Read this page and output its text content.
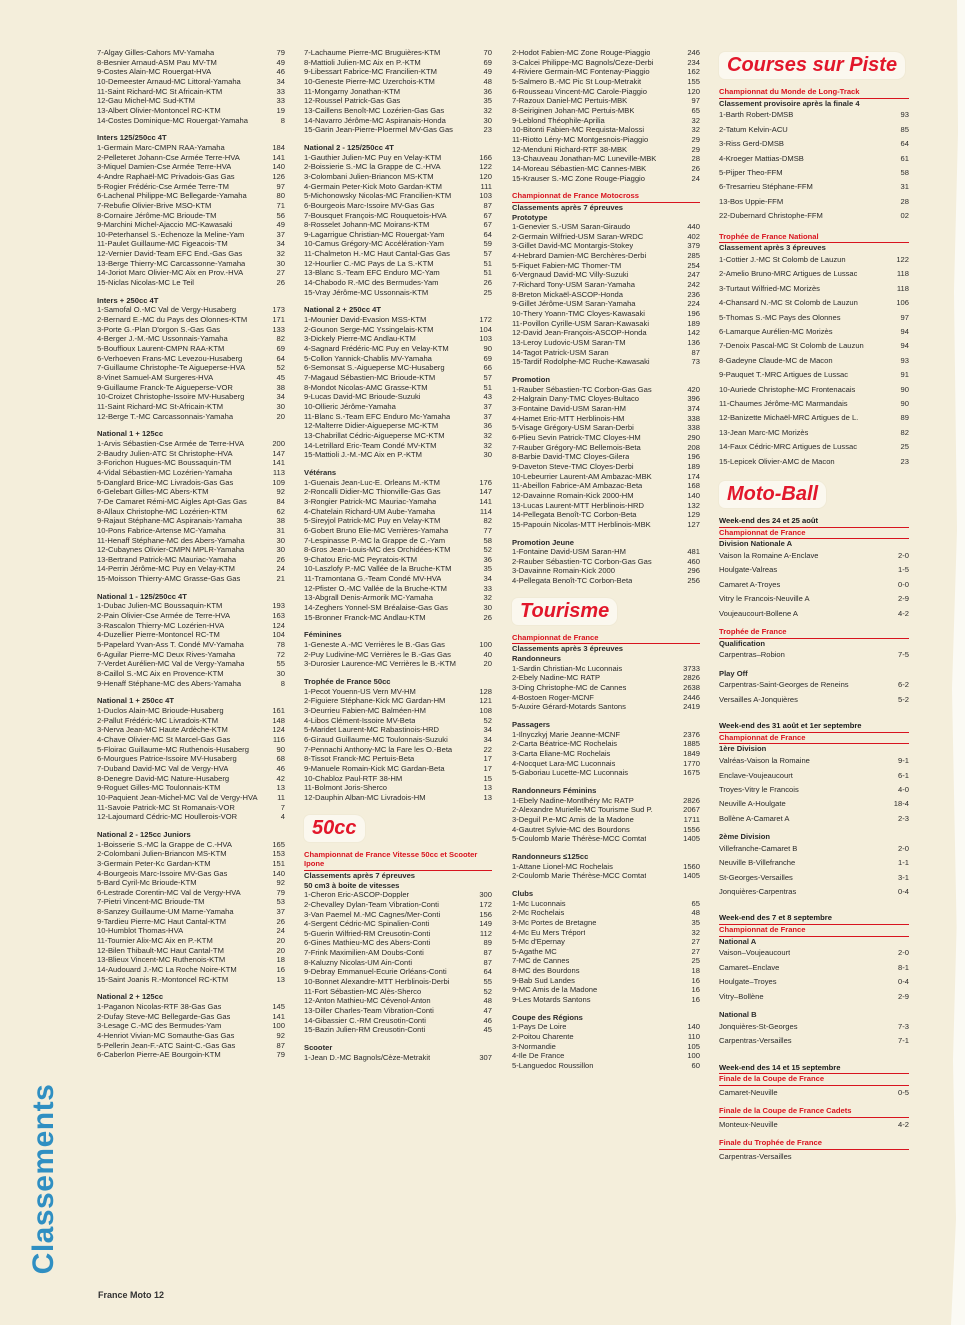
Classements
7-Algay Gilles-Cahors MV-Yamaha	79
8-Besnier Arnaud-ASM Pau MV-TM	49
9-Costes Alain-MC Rouergat-HVA	46
10-Demeester Arnaud-MC Littoral-Yamaha	34
11-Saint Richard-MC St Africain-KTM	33
12-Gau Michel-MC Sud-KTM	33
13-Albert Olivier-Montoncel RC-KTM	19
14-Costes Dominique-MC Rouergat-Yamaha	8
Inters 125/250cc 4T
1-Germain Marc-CMPN RAA-Yamaha	184
2-Pelleteret Johann-Cse Armée Terre-HVA	141
3-Miquel Damien-Cse Armée Terre-HVA	140
4-Andre Raphaël-MC Privadois-Gas Gas	126
5-Rogier Frédéric-Cse Armée Terre-TM	97
6-Lachenal Philippe-MC Bellegarde-Yamaha	80
7-Rebufie Olivier-Brive MSO-KTM	71
8-Cornaire Jérôme-MC Brioude-TM	56
9-Marchini Michel-Ajaccio MC-Kawasaki	49
10-Peterhansel S.-Echenoze la Meline-Yam	37
11-Paulet Guillaume-MC Figeacois-TM	34
12-Vernier David-Team EFC End.-Gas Gas	32
13-Berge Thierry-MC Carcassonne-Yamaha	30
14-Joriot Marc Olivier-MC Aix en Prov.-HVA	27
15-Niclas Nicolas-MC Le Teil	26
Inters + 250cc 4T
1-Samofal O.-MC Val de Vergy-Husaberg	173
2-Bernard E.-MC du Pays des Olonnes-KTM	171
3-Porte G.-Plan D'orgon S.-Gas Gas	133
4-Berger J.-M.-MC Ussonnais-Yamaha	82
5-Bouffioux Laurent-CMPN RAA-KTM	69
6-Verhoeven Frans-MC Levezou-Husaberg	64
7-Guillaume Christophe-Te Aigueperse-HVA	52
8-Vinet Samuel-AM Surgeres-HVA	45
9-Guillaume Franck-Te Aigueperse-VOR	38
10-Croizet Christophe-Issoire MV-Husaberg	34
11-Saint Richard-MC St-Africain-KTM	30
12-Berge T.-MC Carcassonnais-Yamaha	20
National 1 + 125cc
1-Arvis Sébastien-Cse Armée de Terre-HVA	200
2-Baudry Julien-ATC St Christophe-HVA	147
3-Forichon Hugues-MC Boussaquin-TM	141
4-Vidal Sébastien-MC Lozérien-Yamaha	113
5-Danglard Brice-MC Livradois-Gas Gas	109
6-Gelebart Gilles-MC Abers-KTM	92
7-De Camaret Rémi-MC Aigles Apt-Gas Gas	84
8-Allaux Christophe-MC Lozérien-KTM	62
9-Rajaut Stéphane-MC Aspiranais-Yamaha	38
10-Pons Fabrice-Artense MC-Yamaha	31
11-Henaff Stéphane-MC des Abers-Yamaha	30
12-Cubaynes Olivier-CMPN MPLR-Yamaha	30
13-Bertrand Patrick-MC Mauriac-Yamaha	26
14-Perrin Jérôme-MC Puy en Velay-KTM	24
15-Moisson Thierry-AMC Grasse-Gas Gas	21
National 1 - 125/250cc 4T
1-Dubac Julien-MC Boussaquin-KTM	193
2-Pain Olivier-Cse Armée de Terre-HVA	163
3-Rascalon Thierry-MC Lozérien-HVA	124
4-Duzellier Pierre-Montoncel RC-TM	104
5-Papelard Yvan-Ass T. Condé MV-Yamaha	78
6-Aguilar Pierre-MC Deux Rives-Yamaha	72
7-Verdet Aurélien-MC Val de Vergy-Yamaha	55
8-Caillol S.-MC Aix en Provence-KTM	30
9-Henaff Stéphane-MC des Abers-Yamaha	8
National 1 + 250cc 4T
1-Duclos Alain-MC Brioude-Husaberg	161
2-Pallut Frédéric-MC Livradois-KTM	148
3-Nerva Jean-MC Haute Ardèche-KTM	124
4-Chave Olivier-MC St Marcel-Gas Gas	116
5-Floirac Guillaume-MC Ruthenois-Husaberg	90
6-Mourgues Patrice-Issoire MV-Husaberg	68
7-Duband David-MC Val de Vergy-HVA	46
8-Denegre David-MC Nature-Husaberg	42
9-Roguet Gilles-MC Toulonnais-KTM	13
10-Paquient Jean-Michel-MC Val de Vergy-HVA	11
11-Savoie Patrick-MC St Romanais-VOR	7
12-Lajoumard Cédric-MC Houllerois-VOR	4
National 2 - 125cc Juniors
1-Boisserie S.-MC la Grappe de C.-HVA	165
2-Colombani Julien-Briancon MS-KTM	153
3-Germain Peter-Kc Gardan-KTM	151
4-Bourgeois Marc-Issoire MV-Gas Gas	140
5-Bard Cyril-Mc Brioude-KTM	92
6-Lestrade Corentin-MC Val de Vergy-HVA	79
7-Pietri Vincent-MC Brioude-TM	53
8-Sanzey Guillaume-UM Marne-Yamaha	37
9-Tardieu Pierre-MC Haut Cantal-KTM	26
10-Humblot Thomas-HVA	24
11-Tournier Alix-MC Aix en P.-KTM	20
12-Bilen Thibault-MC Haut Cantal-TM	20
13-Blieux Vincent-MC Ruthenois-KTM	18
14-Audouard J.-MC La Roche Noire-KTM	16
15-Saint Joanis R.-Montoncel RC-KTM	13
National 2 + 125cc
1-Paganon Nicolas-RTF 38-Gas Gas	145
2-Dufay Steve-MC Bellegarde-Gas Gas	141
3-Lesage C.-MC des Bermudes-Yam	100
4-Henriot Vivian-MC Somauthe-Gas Gas	92
5-Pellerin Jean-F.-ATC Saint-C.-Gas Gas	87
6-Caberlon Pierre-AE Bourgoin-KTM	79
7-Lachaume Pierre-MC Bruguières-KTM	70
8-Mattioli Julien-MC Aix en P.-KTM	69
9-Libessart Fabrice-MC Francilien-KTM	49
10-Geneste Pierre-MC Uzerchois-KTM	48
11-Mongarny Jonathan-KTM	36
12-Roussel Patrick-Gas Gas	35
13-Caillens Benoît-MC Lozérien-Gas Gas	32
14-Navarro Jérôme-MC Aspiranais-Honda	30
15-Garin Jean-Pierre-Ploermel MV-Gas Gas	23
National 2 - 125/250cc 4T
1-Gauthier Julien-MC Puy en Velay-KTM	166
2-Boissierie S.-MC la Grappe de C.-HVA	122
3-Colombani Julien-Briancon MS-KTM	120
4-Germain Peter-Kick Moto Gardan-KTM	111
5-Michonowsky Nicolas-MC Francilien-KTM	103
6-Bourgeois Marc-Issoire MV-Gas Gas	87
7-Bousquet François-MC Rouquetois-HVA	67
8-Rosselet Johann-MC Moirans-KTM	67
9-Lagarrigue Christian-MC Rouergat-Yam	64
10-Camus Grégory-MC Accélération-Yam	59
11-Chalmeton H.-MC Haut Cantal-Gas Gas	57
12-Hourlier C.-MC Pays de La S.-KTM	51
13-Blanc S.-Team EFC Enduro MC-Yam	51
14-Chabodo R.-MC des Bermudes-Yam	26
15-Vray Jérôme-MC Ussonnais-KTM	25
National 2 + 250cc 4T
1-Mounier David-Evasion MSS-KTM	172
2-Gounon Serge-MC Yssingelais-KTM	104
3-Dickely Pierre-MC Andlau-KTM	103
4-Sagnard Frédéric-MC Puy en Velay-KTM	90
5-Collon Yannick-Chablis MV-Yamaha	69
6-Semonsat S.-Aigueperse MC-Husaberg	66
7-Magaud Sébastien-MC Brioude-KTM	57
8-Mondot Nicolas-AMC Grasse-KTM	51
9-Lucas David-MC Brioude-Suzuki	43
10-Ollieric Jérôme-Yamaha	37
11-Blanc S.-Team EFC Enduro Mc-Yamaha	37
12-Malterre Didier-Aigueperse MC-KTM	36
13-Chabrillat Cédric-Aigueperse MC-KTM	32
14-Letrillard Eric-Team Condé MV-KTM	32
15-Mattioli J.-M.-MC Aix en P.-KTM	30
Vétérans
1-Guenais Jean-Luc-E. Orleans M.-KTM	176
2-Roncalli Didier-MC Thionville-Gas Gas	147
3-Rongier Patrick-MC Mauriac-Yamaha	141
4-Chatelain Richard-UM Aube-Yamaha	114
5-Sireyjol Patrick-MC Puy en Velay-KTM	82
6-Gobert Bruno Elie-MC Verrières-Yamaha	77
7-Lespinasse P.-MC la Grappe de C.-Yam	58
8-Gros Jean-Louis-MC des Orchidées-KTM	52
9-Chatou Eric-MC Peyratois-KTM	36
10-Laszlofy P.-MC Vallée de la Bruche-KTM	35
11-Tramontana G.-Team Condé MV-HVA	34
12-Pfister O.-MC Vallée de la Bruche-KTM	33
13-Abgrall Denis-Armorik MC-Yamaha	32
14-Zeghers Yonnel-SM Bréalaise-Gas Gas	30
15-Bronner Franck-MC Andlau-KTM	26
Féminines
1-Geneste A.-MC Verrières le B.-Gas Gas	100
2-Puy Ludivine-MC Verrières le B.-Gas Gas	40
3-Durosier Laurence-MC Verrières le B.-KTM	20
Trophée de France 50cc
1-Pecot Youenn-US Vern MV-HM	128
2-Figuiere Stéphane-Kick MC Gardan-HM	121
3-Deurrieu Fabien-MC Balméen-HM	108
4-Libos Clément-Issoire MV-Beta	52
5-Maridet Laurent-MC Rabastinois-HRD	34
6-Giraud Guillaume-MC Toulonnais-Suzuki	34
7-Pennachi Anthony-MC la Fare les O.-Beta	22
8-Tissot Franck-MC Pertuis-Beta	17
9-Manuele Romain-Kick MC Gardan-Beta	17
10-Chabloz Paul-RTF 38-HM	15
11-Bolmont Joris-Sherco	13
12-Dauphin Alban-MC Livradois-HM	13
50cc
Championnat de France Vitesse 50cc et Scooter Ipone
Classements après 7 épreuves
50 cm3 à boite de vitesses
1-Cheron Eric-ASCOP-Doppler	300
2-Chevalley Dylan-Team Vibration-Conti	172
3-Van Paemel M.-MC Cagnes/Mer-Conti	156
4-Sergent Cédric-MC Spinalien-Conti	149
5-Guerin Wilfried-RM Creusotin-Conti	112
6-Gines Mathieu-MC des Abers-Conti	89
7-Frink Maximilien-AM Doubs-Conti	87
8-Kaluzny Nicolas-UM Ain-Conti	87
9-Debray Emmanuel-Ecurie Orléans-Conti	64
10-Bonnet Alexandre-MTT Herblinois-Derbi	55
11-Fort Sébastien-MC Alès-Sherco	52
12-Anton Mathieu-MC Cévenol-Anton	48
13-Diller Charles-Team Vibration-Conti	47
14-Gibassier C.-RM Creusotin-Conti	46
15-Bazin Julien-RM Creusotin-Conti	45
Scooter
1-Jean D.-MC Bagnols/Cèze-Metrakit	307
2-Hodot Fabien-MC Zone Rouge-Piaggio	246
3-Calcei Philippe-MC Bagnols/Ceze-Derbi	234
4-Riviere Germain-MC Fontenay-Piaggio	162
5-Salmero B.-MC Pic St Loup-Metrakit	155
6-Rousseau Vincent-MC Carole-Piaggio	120
7-Razoux Daniel-MC Pertuis-MBK	97
8-Seiriginen Johan-MC Pertuis-MBK	65
9-Leblond Théophile-Aprilia	32
10-Bitonti Fabien-MC Requista-Malossi	32
11-Riotto Lény-MC Montgesnois-Piaggio	29
12-Menduni Richard-RTF 38-MBK	29
13-Chauveau Jonathan-MC Luneville-MBK	28
14-Moreau Sébastien-MC Cannes-MBK	26
15-Krauser S.-MC Zone Rouge-Piaggio	24
Championnat de France Motocross
Classements après 7 épreuves
Prototype
1-Genevier S.-USM Saran-Giraudo	440
2-Germain Wilfried-USM Saran-WRDC	402
3-Gillet David-MC Montargis-Stokey	379
4-Hebrard Damien-MC Berchères-Derbi	285
5-Fiquet Fabien-MC Thomer-TM	254
6-Vergnaud David-MC Villy-Suzuki	247
7-Richard Tony-USM Saran-Yamaha	242
8-Breton Mickaël-ASCOP-Honda	236
9-Gillet Jérôme-USM Saran-Yamaha	224
10-Thery Yoann-TMC Cloyes-Kawasaki	196
11-Povillon Cyrille-USM Saran-Kawasaki	189
12-David Jean-François-ASCOP-Honda	142
13-Leroy Ludovic-USM Saran-TM	136
14-Tagot Patrick-USM Saran	87
15-Tardif Rodolphe-MC Ruche-Kawasaki	73
Promotion
1-Rauber Sébastien-TC Corbon-Gas Gas	420
2-Halgrain Dany-TMC Cloyes-Bultaco	396
3-Fontaine David-USM Saran-HM	374
4-Hamet Eric-MTT Herblinois-HM	338
5-Visage Grégory-USM Saran-Derbi	338
6-Plieu Sevin Patrick-TMC Cloyes-HM	290
7-Rauber Grégory-MC Bellemois-Beta	208
8-Barbie David-TMC Cloyes-Gilera	196
9-Daveton Steve-TMC Cloyes-Derbi	189
10-Lebeurrier Laurent-AM Ambazac-MBK	174
11-Abeillon Fabrice-AM Ambazac-Beta	168
12-Davainne Romain-Kick 2000-HM	140
13-Lucas Laurent-MTT Herblinois-HRD	132
14-Pellegata Benoît-TC Corbon-Beta	129
15-Papouin Nicolas-MTT Herblinois-MBK	127
Promotion Jeune
1-Fontaine David-USM Saran-HM	481
2-Rauber Sébastien-TC Corbon-Gas Gas	460
3-Davainne Romain-Kick 2000	296
4-Pellegata Benoît-TC Corbon-Beta	256
Tourisme
Championnat de France
Classements après 3 épreuves
Randonneurs
1-Sardin Christian-Mc Luconnais	3733
2-Ebely Nadine-MC RATP	2826
3-Ding Christophe-MC de Cannes	2638
4-Bostoen Roger-MCNF	2446
5-Auxire Gérard-Motards Santons	2419
Passagers
1-Ilnyczkyj Marie Jeanne-MCNF	2376
2-Carta Béatrice-MC Rochelais	1885
3-Carta Eliane-MC Rochelais	1849
4-Nocquet Lara-MC Luconnais	1770
5-Gaboriau Lucette-MC Luconnais	1675
Randonneurs Féminins
1-Ebely Nadine-Montlhéry Mc RATP	2826
2-Alexandre Murielle-MC Tourisme Sud P.	2067
3-Deguil P.e-MC Amis de la Madone	1711
4-Gautret Sylvie-MC des Bourdons	1556
5-Coulomb Marie Thérèse-MCC Comtat	1405
Randonneurs ≤125cc
1-Attane Lionel-MC Rochelais	1560
2-Coulomb Marie Thérèse-MCC Comtat	1405
Clubs
1-Mc Luconnais	65
2-Mc Rochelais	48
3-Mc Portes de Bretagne	35
4-Mc Eu Mers Tréport	32
5-Mc d'Epernay	27
5-Agathe MC	27
7-MC de Cannes	25
8-MC des Bourdons	18
9-Bab Sud Landes	16
9-MC Amis de la Madone	16
9-Les Motards Santons	16
Coupe des Régions
1-Pays De Loire	140
2-Poitou Charente	110
3-Normandie	105
4-Ile De France	100
5-Languedoc Roussillon	60
Courses sur Piste
Championnat du Monde de Long-Track
Classement provisoire après la finale 4
1-Barth Robert-DMSB	93
2-Tatum Kelvin-ACU	85
3-Riss Gerd-DMSB	64
4-Kroeger Mattias-DMSB	61
5-Pijper Theo-FFM	58
6-Tresarrieu Stéphane-FFM	31
13-Bos Uppie-FFM	28
22-Dubernard Christophe-FFM	02
Trophée de France National
Classement après 3 épreuves
1-Cottier J.-MC St Colomb de Lauzun	122
2-Amelio Bruno-MRC Artigues de Lussac	118
3-Turtaut Wilfried-MC Morizès	118
4-Chansard N.-MC St Colomb de Lauzun	106
5-Thomas S.-MC Pays des Olonnes	97
6-Lamarque Aurélien-MC Morizès	94
7-Denoix Pascal-MC St Colomb de Lauzun	94
8-Gadeyne Claude-MC de Macon	93
9-Pauquet T.-MRC Artigues de Lussac	91
10-Auriede Christophe-MC Frontenacais	90
11-Chaumes Jérôme-MC Marmandais	90
12-Banizette Michaël-MRC Artigues de L.	89
13-Jean Marc-MC Morizès	82
14-Faux Cédric-MRC Artigues de Lussac	25
15-Lepicek Olivier-AMC de Macon	23
Moto-Ball
Week-end des 24 et 25 août
Championnat de France
Division Nationale A
Vaison la Romaine A-Enclave	2-0
Houlgate-Valreas	1-5
Camaret A-Troyes	0-0
Vitry le Francois-Neuville A	2-9
Voujeaucourt-Bollene A	4-2
Trophée de France
Qualification
Carpentras–Robion	7-5
Play Off
Carpentras-Saint-Georges de Reneins	6-2
Versailles A-Jonquières	5-2
Week-end des 31 août et 1er septembre
Championnat de France
1ère Division
Valréas-Vaison la Romaine	9-1
Enclave-Voujeaucourt	6-1
Troyes-Vitry le Francois	4-0
Neuville A-Houlgate	18-4
Bollène A-Camaret A	2-3
2ème Division
Villefranche-Camaret B	2-0
Neuville B-Villefranche	1-1
St-Georges-Versailles	3-1
Jonquières-Carpentras	0-4
Week-end des 7 et 8 septembre
Championnat de France
National A
Vaison–Voujeaucourt	2-0
Camaret–Enclave	8-1
Houlgate–Troyes	0-4
Vitry–Bollène	2-9
National B
Jonquières-St-Georges	7-3
Carpentras-Versailles	7-1
Week-end des 14 et 15 septembre
Finale de la Coupe de France
Camaret-Neuville	0-5
Finale de la Coupe de France Cadets
Monteux-Neuville	4-2
Finale du Trophée de France
Carpentras-Versailles
France Moto 12
